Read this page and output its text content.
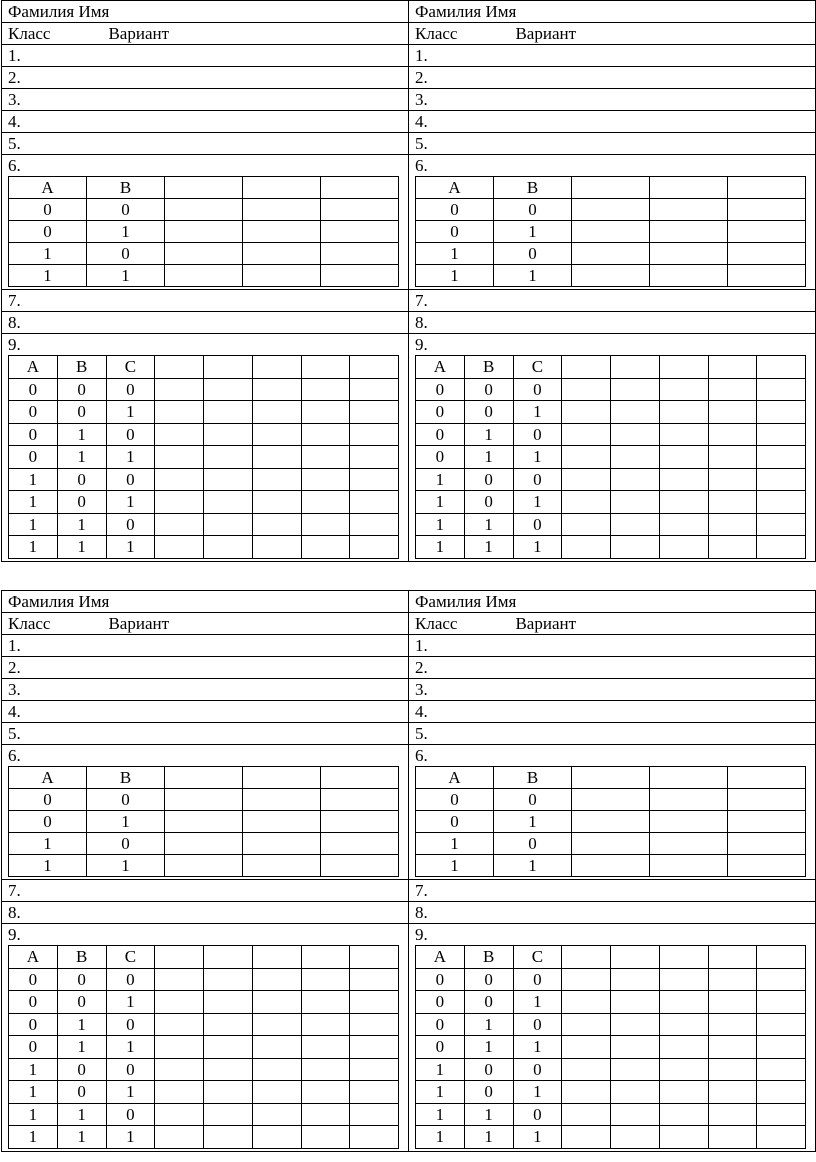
Фамилия Имя	Фамилия Имя
Класс	Вариант	Класс	Вариант
1.	1.
2.	2.
3.	3.
4.	4.
5.	5.

6.
A	B			
0	0			
0	1			
1	0			
1	1			

6.
A	B			
0	0			
0	1			
1	0			
1	1			

7.	7.
8.	8.

9.
A	B	C					
0	0	0					
0	0	1					
0	1	0					
0	1	1					
1	0	0					
1	0	1					
1	1	0					
1	1	1					

9.
A	B	C					
0	0	0					
0	0	1					
0	1	0					
0	1	1					
1	0	0					
1	0	1					
1	1	0					
1	1	1					
Фамилия Имя	Фамилия Имя
Класс	Вариант	Класс	Вариант
1.	1.
2.	2.
3.	3.
4.	4.
5.	5.

6.
A	B			
0	0			
0	1			
1	0			
1	1			

6.
A	B			
0	0			
0	1			
1	0			
1	1			

7.	7.
8.	8.

9.
A	B	C					
0	0	0					
0	0	1					
0	1	0					
0	1	1					
1	0	0					
1	0	1					
1	1	0					
1	1	1					

9.
A	B	C					
0	0	0					
0	0	1					
0	1	0					
0	1	1					
1	0	0					
1	0	1					
1	1	0					
1	1	1					
